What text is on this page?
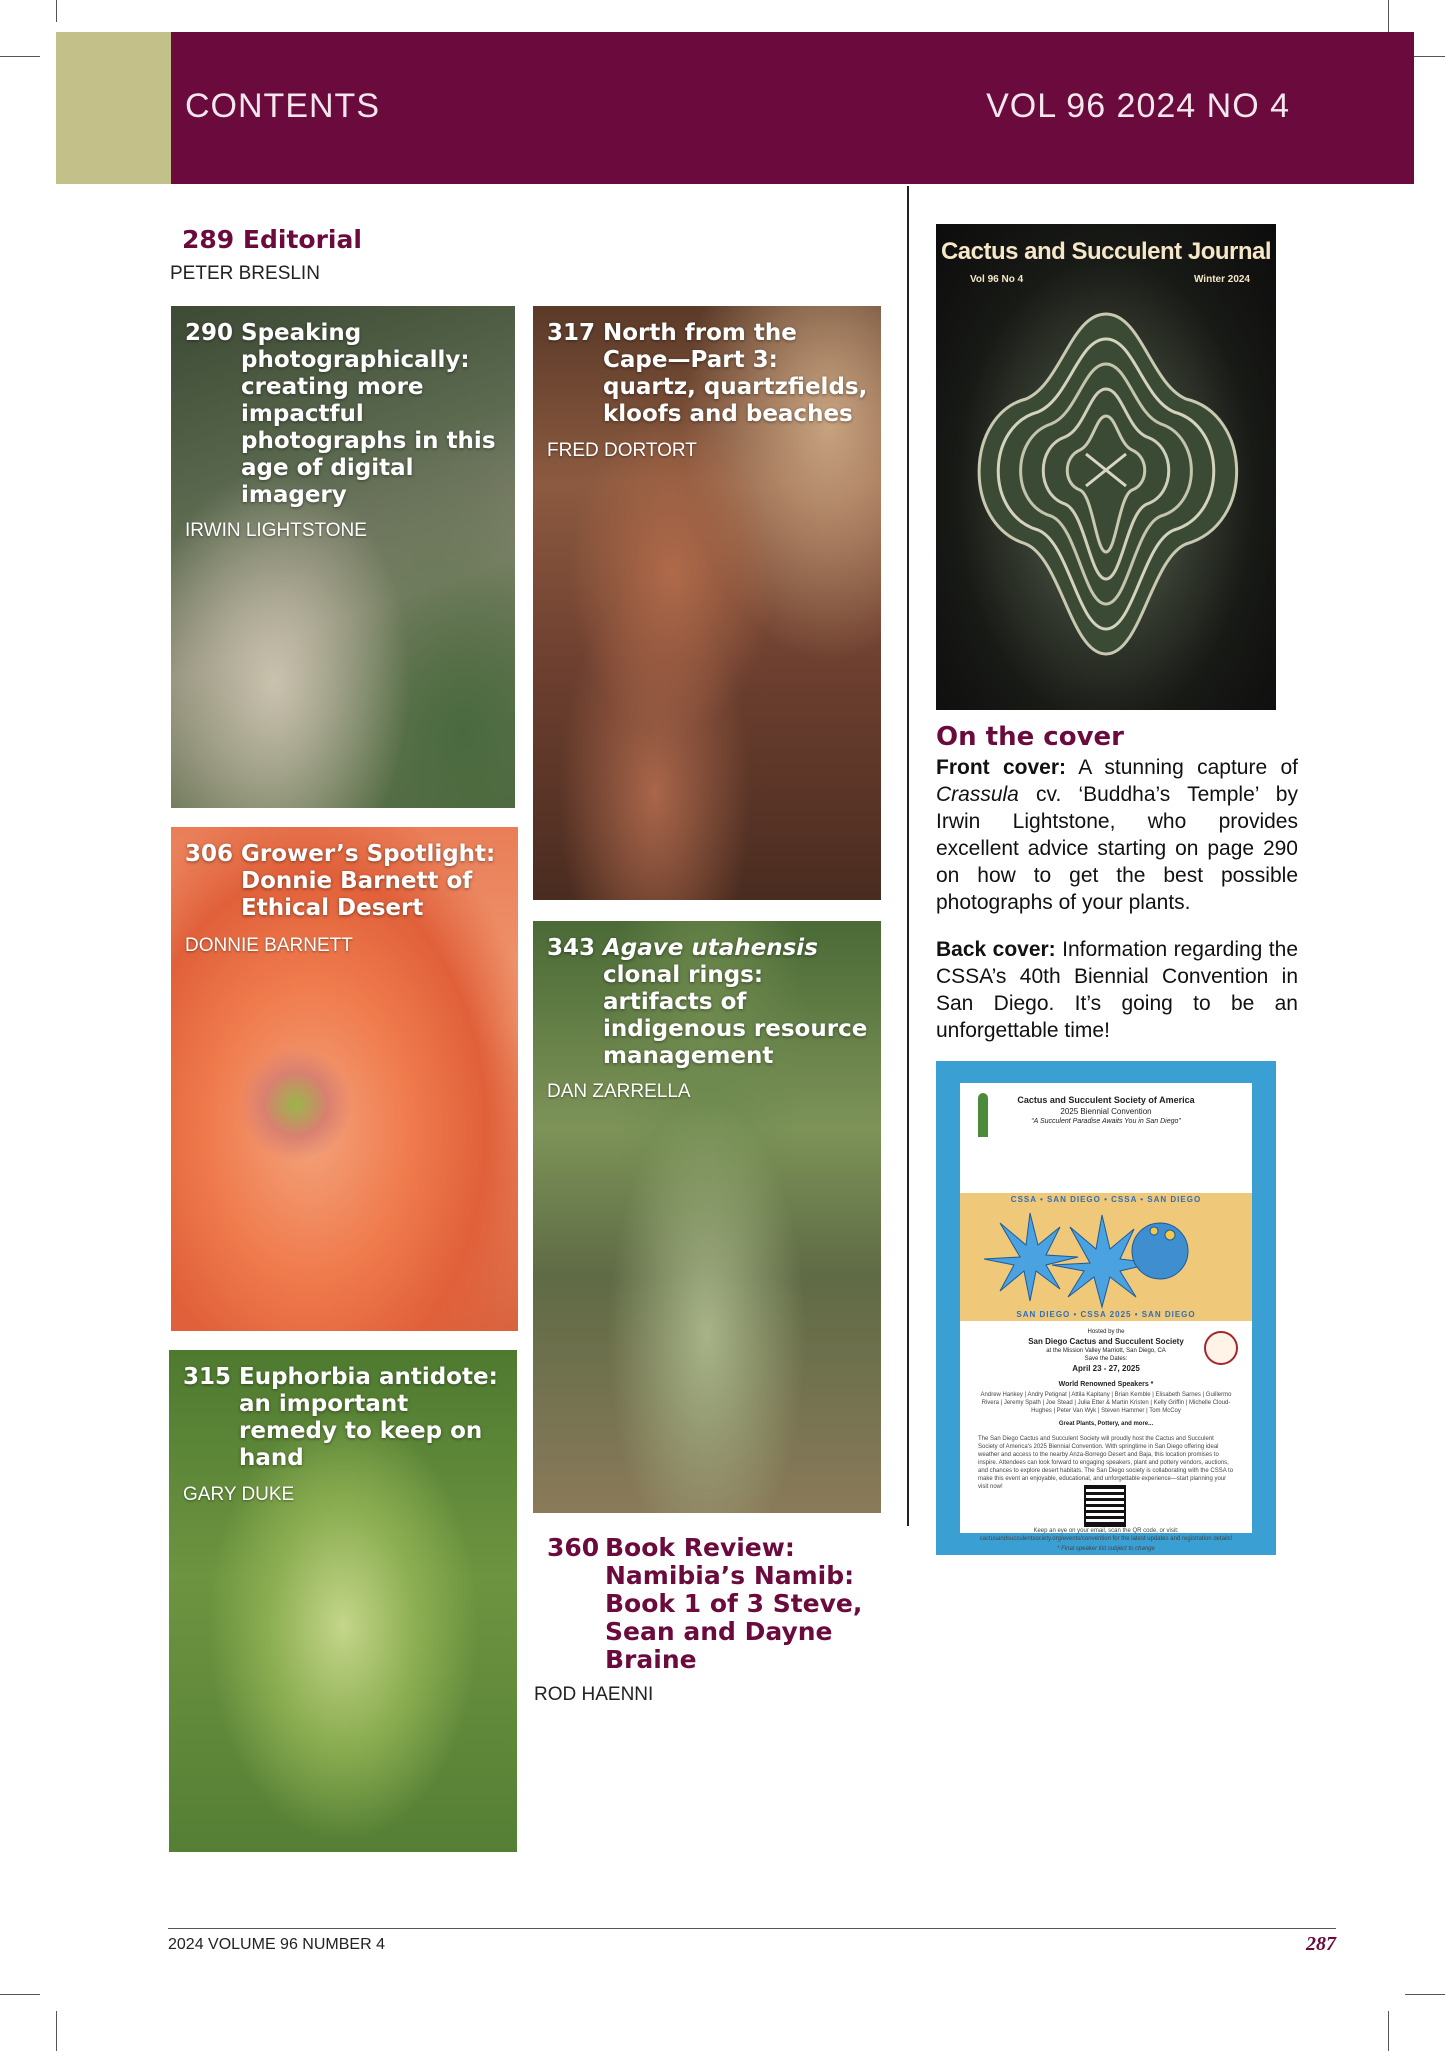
CONTENTS	VOL 96 2024 NO 4
289 Editorial
PETER BRESLIN
290 Speaking photographically: creating more impactful photographs in this age of digital imagery
IRWIN LIGHTSTONE
317 North from the Cape—Part 3: quartz, quartzfields, kloofs and beaches
FRED DORTORT
306 Grower’s Spotlight: Donnie Barnett of Ethical Desert
DONNIE BARNETT	343 Agave utahensis clonal rings: artifacts of indigenous resource management
DAN ZARRELLA
315 Euphorbia antidote: an important remedy to keep on hand
GARY DUKE
360 Book Review: Namibia’s Namib: Book 1 of 3 Steve, Sean and Dayne Braine
ROD HAENNI
Cactus and Succulent Journal
Vol 96 No 4	Winter 2024
On the cover
Front cover: A stunning capture of Crassula cv. ‘Buddha’s Temple’ by Irwin Lightstone, who provides excellent advice starting on page 290 on how to get the best possible photographs of your plants.
Back cover: Information regarding the CSSA’s 40th Biennial Convention in San Diego. It’s going to be an unforgettable time!
Cactus and Succulent Society of America
2025 Biennial Convention
“A Succulent Paradise Awaits You in San Diego”
CSSA • SAN DIEGO • CSSA • SAN DIEGO
SAN DIEGO • CSSA 2025 • SAN DIEGO
Hosted by the
San Diego Cactus and Succulent Society
at the Mission Valley Marriott, San Diego, CA
Save the Dates:
April 23 - 27, 2025
World Renowned Speakers *
Andrew Hankey | Andry Petignat | Attila Kapitany | Brian Kemble | Elisabeth Sarnes | Guillermo Rivera | Jeremy Spath | Joe Stead | Julia Etter & Martin Kristen | Kelly Griffin | Michelle Cloud-Hughes | Peter Van Wyk | Steven Hammer | Tom McCoy
Great Plants, Pottery, and more...
The San Diego Cactus and Succulent Society will proudly host the Cactus and Succulent Society of America's 2025 Biennial Convention. With springtime in San Diego offering ideal weather and access to the nearby Anza-Borrego Desert and Baja, this location promises to inspire. Attendees can look forward to engaging speakers, plant and pottery vendors, auctions, and chances to explore desert habitats. The San Diego society is collaborating with the CSSA to make this event an enjoyable, educational, and unforgettable experience—start planning your visit now!
Keep an eye on your email, scan the QR code, or visit:
cactusandsucculentsociety.org/events/convention for the latest updates and registration details!
* Final speaker list subject to change
2024 VOLUME 96 NUMBER 4	287
